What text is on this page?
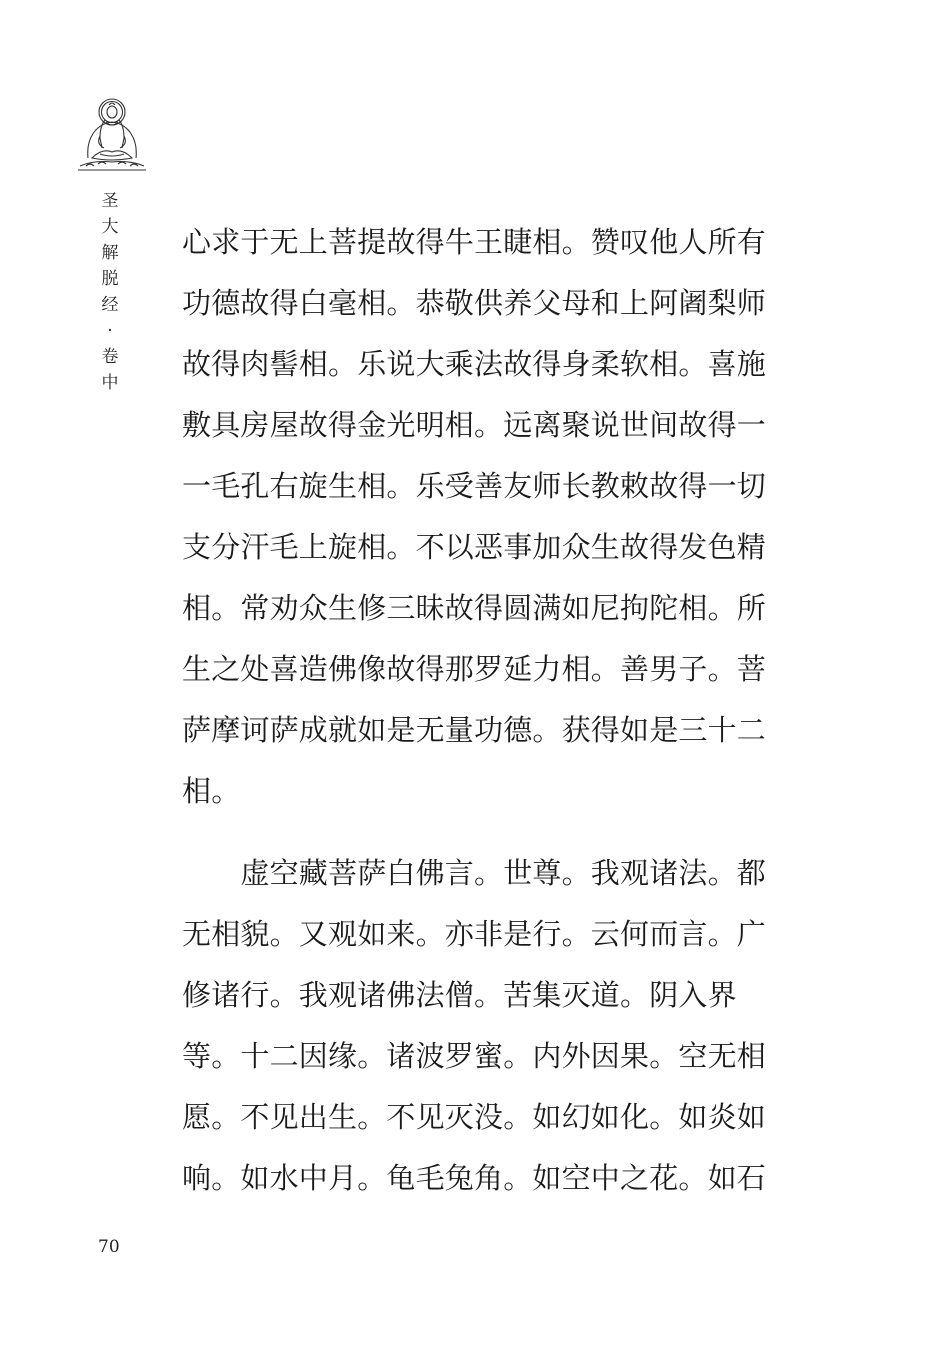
圣
大
解
脱
经
·
卷
中

心求于无上菩提故得牛王睫相。赞叹他人所有
功德故得白毫相。恭敬供养父母和上阿阇梨师
故得肉髻相。乐说大乘法故得身柔软相。喜施
敷具房屋故得金光明相。远离聚说世间故得一
一毛孔右旋生相。乐受善友师长教敕故得一切
支分汗毛上旋相。不以恶事加众生故得发色精
相。常劝众生修三昧故得圆满如尼拘陀相。所
生之处喜造佛像故得那罗延力相。善男子。菩
萨摩诃萨成就如是无量功德。获得如是三十二
相。

　　虚空藏菩萨白佛言。世尊。我观诸法。都
无相貌。又观如来。亦非是行。云何而言。广
修诸行。我观诸佛法僧。苦集灭道。阴入界
等。十二因缘。诸波罗蜜。内外因果。空无相
愿。不见出生。不见灭没。如幻如化。如炎如
响。如水中月。龟毛兔角。如空中之花。如石

70
